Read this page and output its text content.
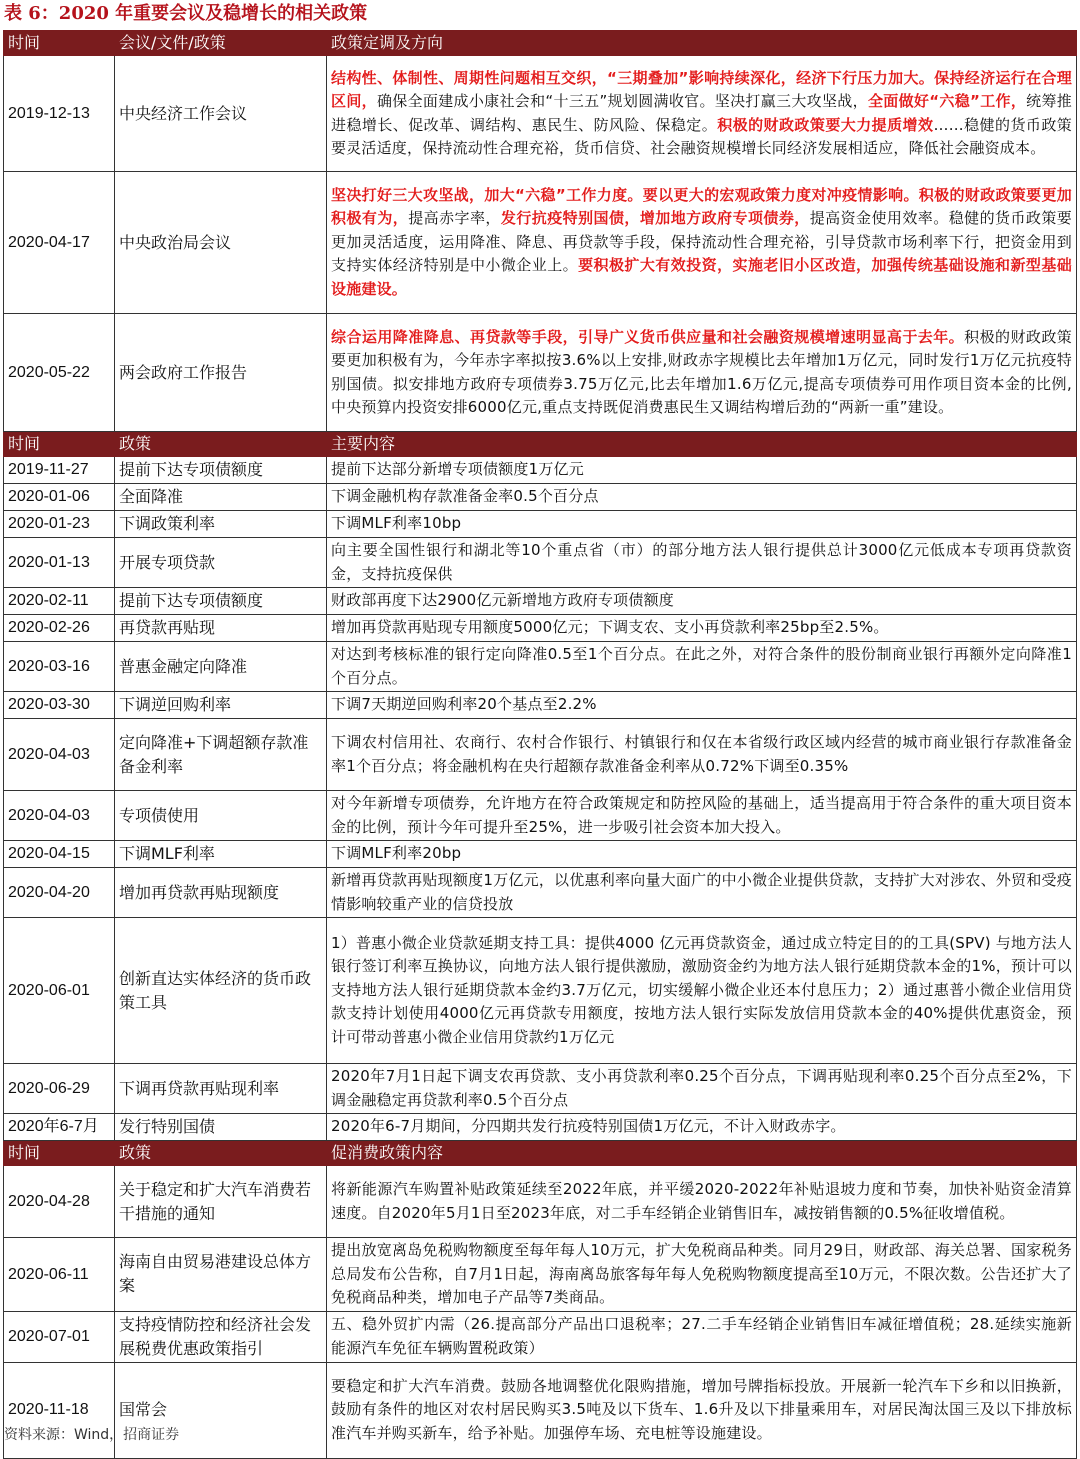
表 6：2020 年重要会议及稳增长的相关政策
时间	会议/文件/政策	政策定调及方向
2019-12-13	中央经济工作会议	结构性、体制性、周期性问题相互交织，“三期叠加”影响持续深化，经济下行压力加大。保持经济运行在合理区间，确保全面建成小康社会和“十三五”规划圆满收官。坚决打赢三大攻坚战，全面做好“六稳”工作，统筹推进稳增长、促改革、调结构、惠民生、防风险、保稳定。积极的财政政策要大力提质增效……稳健的货币政策要灵活适度，保持流动性合理充裕，货币信贷、社会融资规模增长同经济发展相适应，降低社会融资成本。
2020-04-17	中央政治局会议	坚决打好三大攻坚战，加大“六稳”工作力度。要以更大的宏观政策力度对冲疫情影响。积极的财政政策要更加积极有为，提高赤字率，发行抗疫特别国债，增加地方政府专项债券，提高资金使用效率。稳健的货币政策要更加灵活适度，运用降准、降息、再贷款等手段，保持流动性合理充裕，引导贷款市场利率下行，把资金用到支持实体经济特别是中小微企业上。要积极扩大有效投资，实施老旧小区改造，加强传统基础设施和新型基础设施建设。
2020-05-22	两会政府工作报告	综合运用降准降息、再贷款等手段，引导广义货币供应量和社会融资规模增速明显高于去年。积极的财政政策要更加积极有为，今年赤字率拟按3.6%以上安排,财政赤字规模比去年增加1万亿元，同时发行1万亿元抗疫特别国债。拟安排地方政府专项债券3.75万亿元,比去年增加1.6万亿元,提高专项债券可用作项目资本金的比例,中央预算内投资安排6000亿元,重点支持既促消费惠民生又调结构增后劲的“两新一重”建设。
时间	政策	主要内容
2019-11-27	提前下达专项债额度	提前下达部分新增专项债额度1万亿元
2020-01-06	全面降准	下调金融机构存款准备金率0.5个百分点
2020-01-23	下调政策利率	下调MLF利率10bp
2020-01-13	开展专项贷款	向主要全国性银行和湖北等10个重点省（市）的部分地方法人银行提供总计3000亿元低成本专项再贷款资金，支持抗疫保供
2020-02-11	提前下达专项债额度	财政部再度下达2900亿元新增地方政府专项债额度
2020-02-26	再贷款再贴现	增加再贷款再贴现专用额度5000亿元；下调支农、支小再贷款利率25bp至2.5%。
2020-03-16	普惠金融定向降准	对达到考核标准的银行定向降准0.5至1个百分点。在此之外，对符合条件的股份制商业银行再额外定向降准1个百分点。
2020-03-30	下调逆回购利率	下调7天期逆回购利率20个基点至2.2%
2020-04-03	定向降准+下调超额存款准备金利率	下调农村信用社、农商行、农村合作银行、村镇银行和仅在本省级行政区域内经营的城市商业银行存款准备金率1个百分点；将金融机构在央行超额存款准备金利率从0.72%下调至0.35%
2020-04-03	专项债使用	对今年新增专项债券，允许地方在符合政策规定和防控风险的基础上，适当提高用于符合条件的重大项目资本金的比例，预计今年可提升至25%，进一步吸引社会资本加大投入。
2020-04-15	下调MLF利率	下调MLF利率20bp
2020-04-20	增加再贷款再贴现额度	新增再贷款再贴现额度1万亿元，以优惠利率向量大面广的中小微企业提供贷款，支持扩大对涉农、外贸和受疫情影响较重产业的信贷投放
2020-06-01	创新直达实体经济的货币政策工具	1）普惠小微企业贷款延期支持工具：提供4000 亿元再贷款资金，通过成立特定目的的工具(SPV) 与地方法人银行签订利率互换协议，向地方法人银行提供激励，激励资金约为地方法人银行延期贷款本金的1%，预计可以支持地方法人银行延期贷款本金约3.7万亿元，切实缓解小微企业还本付息压力；2）通过惠普小微企业信用贷款支持计划使用4000亿元再贷款专用额度，按地方法人银行实际发放信用贷款本金的40%提供优惠资金，预计可带动普惠小微企业信用贷款约1万亿元
2020-06-29	下调再贷款再贴现利率	2020年7月1日起下调支农再贷款、支小再贷款利率0.25个百分点，下调再贴现利率0.25个百分点至2%，下调金融稳定再贷款利率0.5个百分点
2020年6-7月	发行特别国债	2020年6-7月期间，分四期共发行抗疫特别国债1万亿元，不计入财政赤字。
时间	政策	促消费政策内容
2020-04-28	关于稳定和扩大汽车消费若干措施的通知	将新能源汽车购置补贴政策延续至2022年底，并平缓2020-2022年补贴退坡力度和节奏，加快补贴资金清算速度。自2020年5月1日至2023年底，对二手车经销企业销售旧车，减按销售额的0.5%征收增值税。
2020-06-11	海南自由贸易港建设总体方案	提出放宽离岛免税购物额度至每年每人10万元，扩大免税商品种类。同月29日，财政部、海关总署、国家税务总局发布公告称，自7月1日起，海南离岛旅客每年每人免税购物额度提高至10万元，不限次数。公告还扩大了免税商品种类，增加电子产品等7类商品。
2020-07-01	支持疫情防控和经济社会发展税费优惠政策指引	五、稳外贸扩内需（26.提高部分产品出口退税率；27.二手车经销企业销售旧车减征增值税；28.延续实施新能源汽车免征车辆购置税政策）
2020-11-18	国常会	要稳定和扩大汽车消费。鼓励各地调整优化限购措施，增加号牌指标投放。开展新一轮汽车下乡和以旧换新，鼓励有条件的地区对农村居民购买3.5吨及以下货车、1.6升及以下排量乘用车，对居民淘汰国三及以下排放标准汽车并购买新车，给予补贴。加强停车场、充电桩等设施建设。
资料来源：Wind，招商证券
